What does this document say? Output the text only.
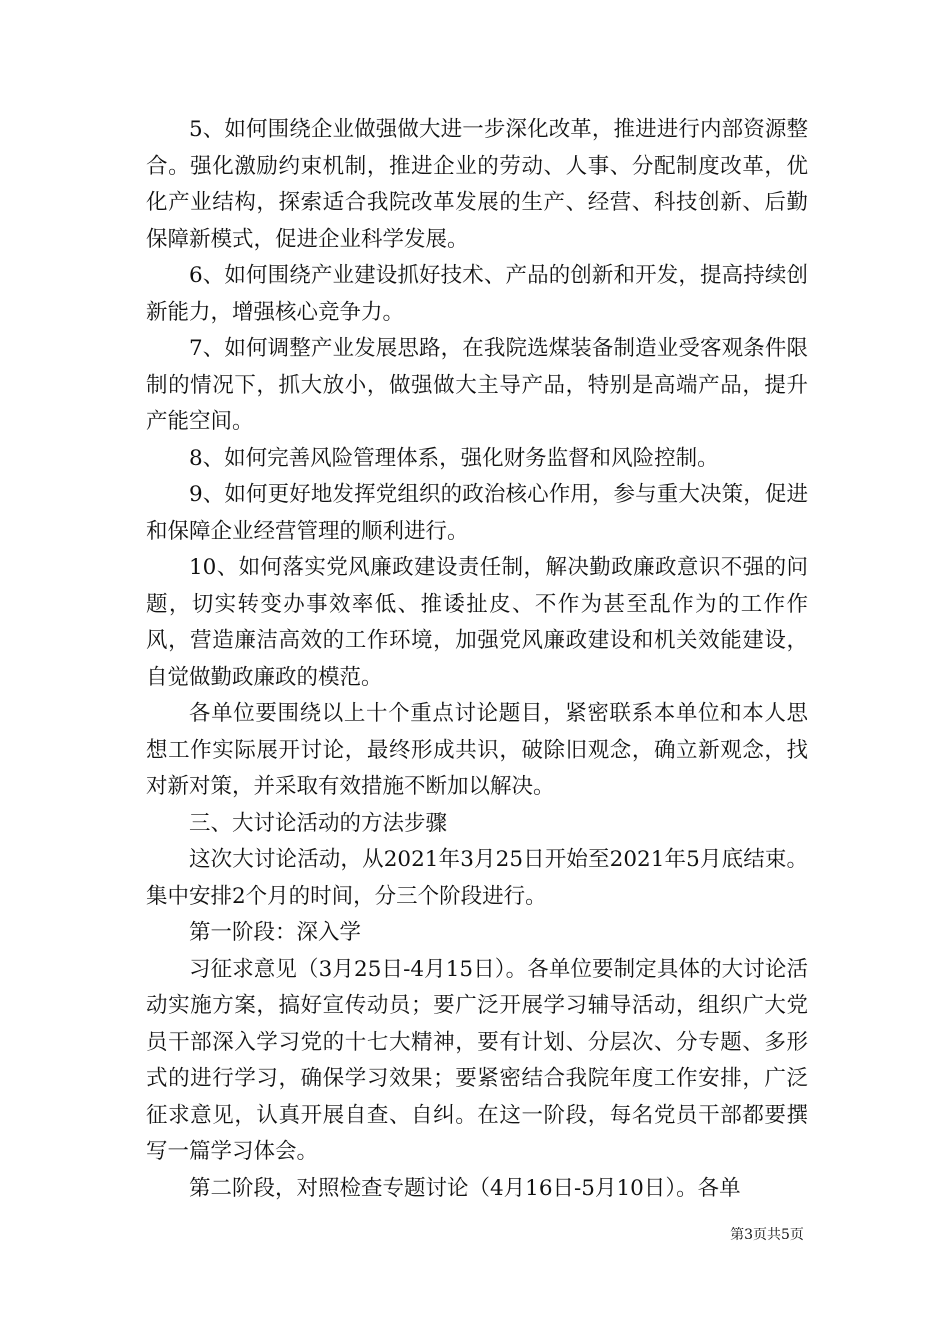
5、如何围绕企业做强做大进一步深化改革，推进进行内部资源整合。强化激励约束机制，推进企业的劳动、人事、分配制度改革，优化产业结构，探索适合我院改革发展的生产、经营、科技创新、后勤保障新模式，促进企业科学发展。

6、如何围绕产业建设抓好技术、产品的创新和开发，提高持续创新能力，增强核心竞争力。

7、如何调整产业发展思路，在我院选煤装备制造业受客观条件限制的情况下，抓大放小，做强做大主导产品，特别是高端产品，提升产能空间。

8、如何完善风险管理体系，强化财务监督和风险控制。

9、如何更好地发挥党组织的政治核心作用，参与重大决策，促进和保障企业经营管理的顺利进行。

10、如何落实党风廉政建设责任制，解决勤政廉政意识不强的问题，切实转变办事效率低、推诿扯皮、不作为甚至乱作为的工作作风，营造廉洁高效的工作环境，加强党风廉政建设和机关效能建设，自觉做勤政廉政的模范。

各单位要围绕以上十个重点讨论题目，紧密联系本单位和本人思想工作实际展开讨论，最终形成共识，破除旧观念，确立新观念，找对新对策，并采取有效措施不断加以解决。

三、大讨论活动的方法步骤

这次大讨论活动，从2021年3月25日开始至2021年5月底结束。集中安排2个月的时间，分三个阶段进行。

第一阶段：深入学

习征求意见（3月25日-4月15日）。各单位要制定具体的大讨论活动实施方案，搞好宣传动员；要广泛开展学习辅导活动，组织广大党员干部深入学习党的十七大精神，要有计划、分层次、分专题、多形式的进行学习，确保学习效果；要紧密结合我院年度工作安排，广泛征求意见，认真开展自查、自纠。在这一阶段，每名党员干部都要撰写一篇学习体会。

第二阶段，对照检查专题讨论（4月16日-5月10日）。各单

第3页共5页
